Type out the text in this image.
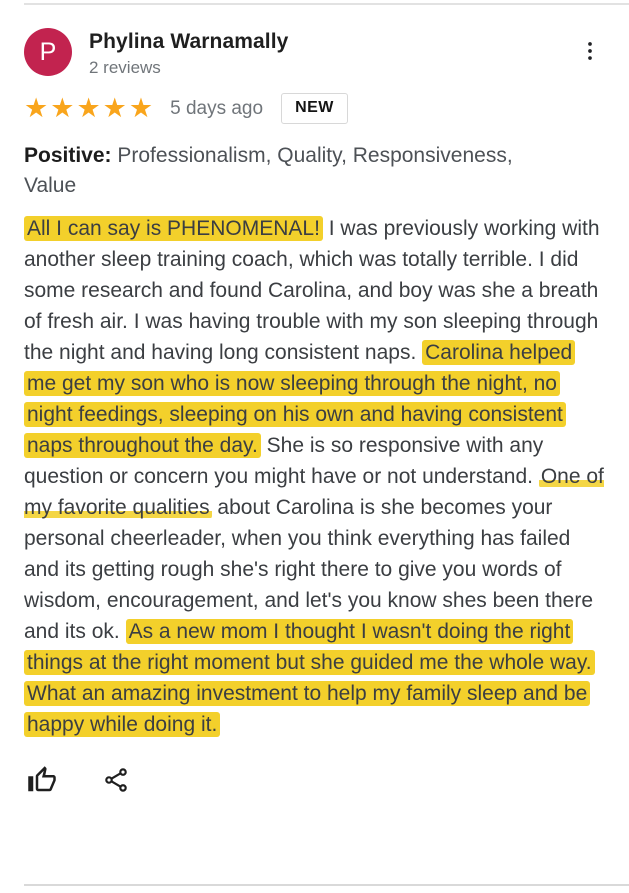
P Phylina Warnamally
2 reviews
★★★★★ 5 days ago	NEW

Positive: Professionalism, Quality, Responsiveness, Value

All I can say is PHENOMENAL! I was previously working with another sleep training coach, which was totally terrible. I did some research and found Carolina, and boy was she a breath of fresh air. I was having trouble with my son sleeping through the night and having long consistent naps. Carolina helped me get my son who is now sleeping through the night, no night feedings, sleeping on his own and having consistent naps throughout the day. She is so responsive with any question or concern you might have or not understand. One of my favorite qualities about Carolina is she becomes your personal cheerleader, when you think everything has failed and its getting rough she's right there to give you words of wisdom, encouragement, and let's you know shes been there and its ok. As a new mom I thought I wasn't doing the right things at the right moment but she guided me the whole way. What an amazing investment to help my family sleep and be happy while doing it.
